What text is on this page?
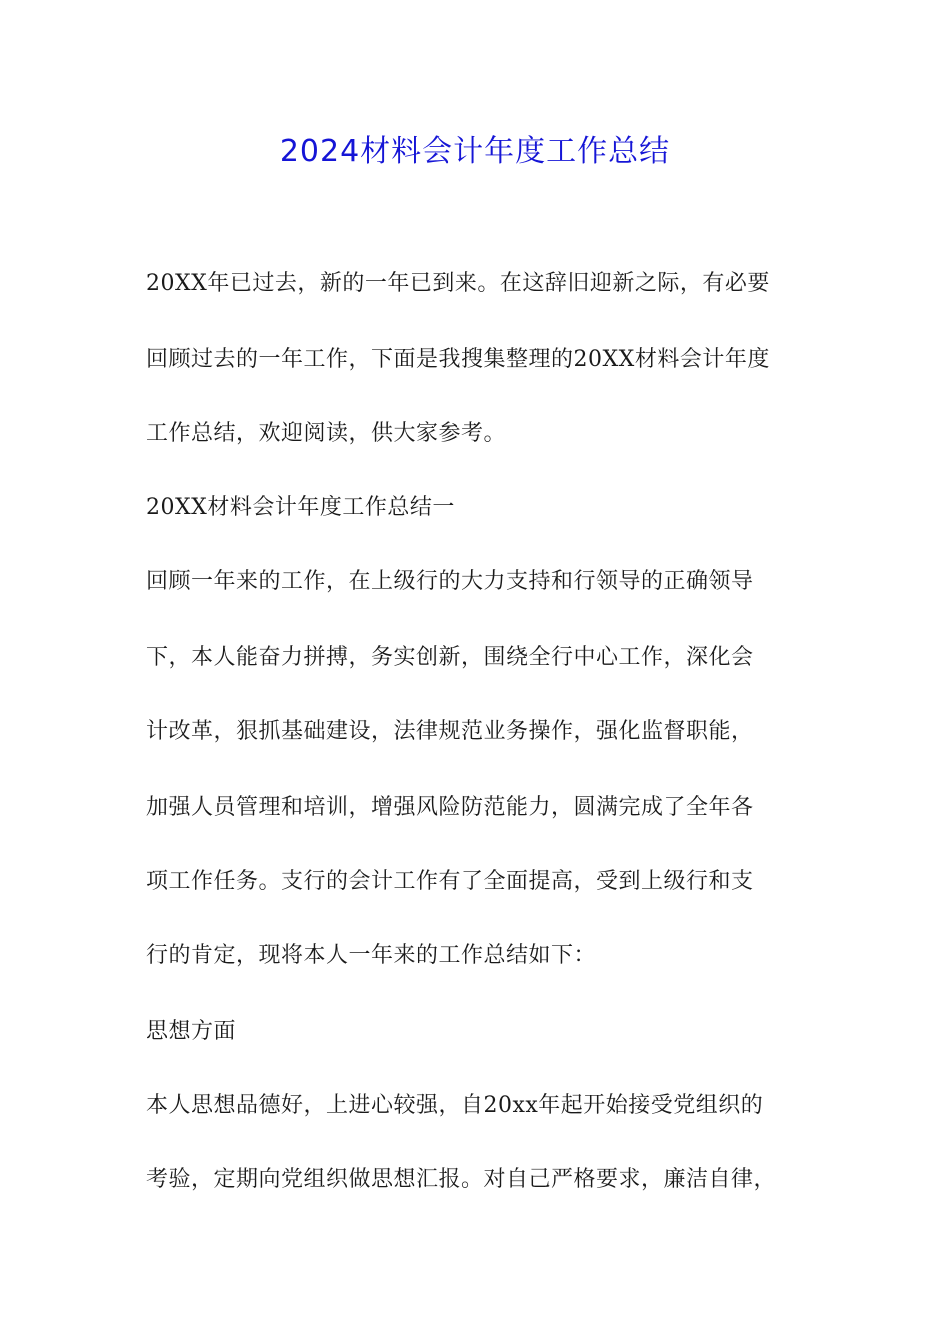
2024材料会计年度工作总结
20XX年已过去，新的一年已到来。在这辞旧迎新之际，有必要
回顾过去的一年工作，下面是我搜集整理的20XX材料会计年度
工作总结，欢迎阅读，供大家参考。
20XX材料会计年度工作总结一
回顾一年来的工作，在上级行的大力支持和行领导的正确领导
下，本人能奋力拼搏，务实创新，围绕全行中心工作，深化会
计改革，狠抓基础建设，法律规范业务操作，强化监督职能，
加强人员管理和培训，增强风险防范能力，圆满完成了全年各
项工作任务。支行的会计工作有了全面提高，受到上级行和支
行的肯定，现将本人一年来的工作总结如下：
思想方面
本人思想品德好，上进心较强，自20xx年起开始接受党组织的
考验，定期向党组织做思想汇报。对自己严格要求，廉洁自律，
